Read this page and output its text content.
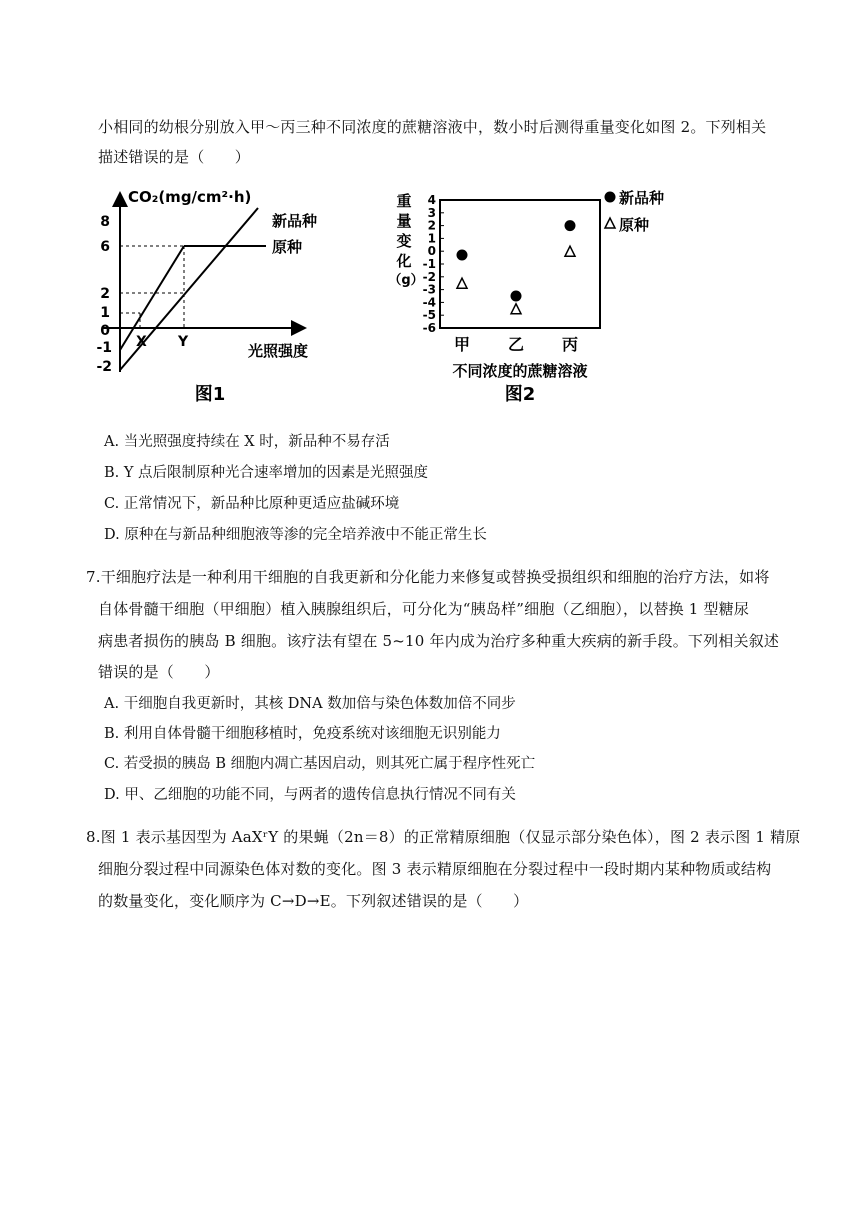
小相同的幼根分别放入甲～丙三种不同浓度的蔗糖溶液中，数小时后测得重量变化如图 2。下列相关
描述错误的是（　　）
CO₂(mg/cm²·h)
光照强度
8
6
2
1
0
-1
-2
新品种
原种
X Y
图1
重
量
变
化
（g）
4
3
2
1
0
-1
-2
-3
-4
-5
-6
甲 乙 丙
不同浓度的蔗糖溶液
新品种
原种
图2
A. 当光照强度持续在 X 时，新品种不易存活
B. Y 点后限制原种光合速率增加的因素是光照强度
C. 正常情况下，新品种比原种更适应盐碱环境
D. 原种在与新品种细胞液等渗的完全培养液中不能正常生长
7.干细胞疗法是一种利用干细胞的自我更新和分化能力来修复或替换受损组织和细胞的治疗方法，如将
自体骨髓干细胞（甲细胞）植入胰腺组织后，可分化为“胰岛样”细胞（乙细胞），以替换 1 型糖尿
病患者损伤的胰岛 B 细胞。该疗法有望在 5~10 年内成为治疗多种重大疾病的新手段。下列相关叙述
错误的是（　　）
A. 干细胞自我更新时，其核 DNA 数加倍与染色体数加倍不同步
B. 利用自体骨髓干细胞移植时，免疫系统对该细胞无识别能力
C. 若受损的胰岛 B 细胞内凋亡基因启动，则其死亡属于程序性死亡
D. 甲、乙细胞的功能不同，与两者的遗传信息执行情况不同有关
8.图 1 表示基因型为 AaXʳY 的果蝇（2n＝8）的正常精原细胞（仅显示部分染色体），图 2 表示图 1 精原
细胞分裂过程中同源染色体对数的变化。图 3 表示精原细胞在分裂过程中一段时期内某种物质或结构
的数量变化，变化顺序为 C→D→E。下列叙述错误的是（　　）
